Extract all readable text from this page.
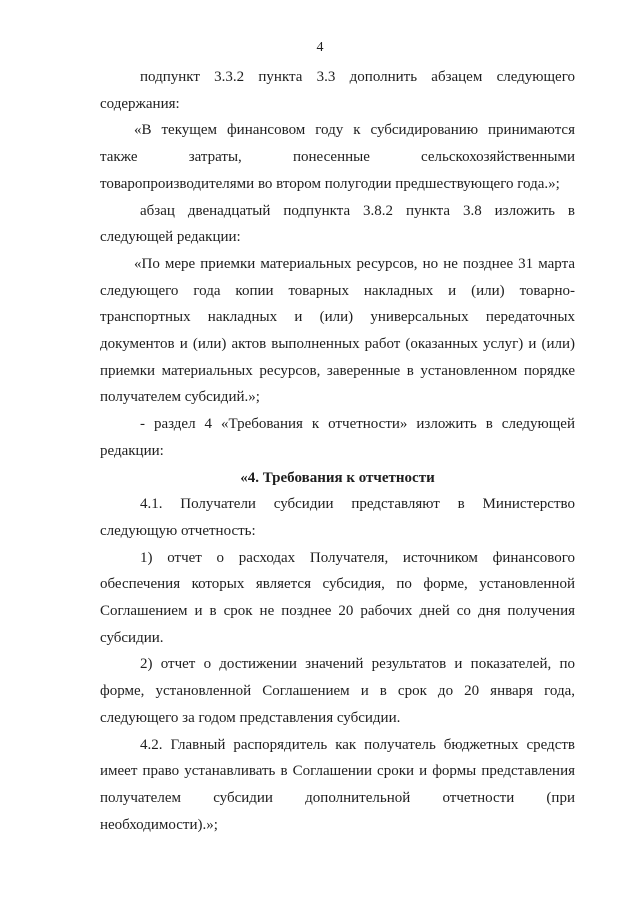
4

подпункт 3.3.2 пункта 3.3 дополнить абзацем следующего содержания:

«В текущем финансовом году к субсидированию принимаются также затраты, понесенные сельскохозяйственными товаропроизводителями во втором полугодии предшествующего года.»;

абзац двенадцатый подпункта 3.8.2 пункта 3.8 изложить в следующей редакции:

«По мере приемки материальных ресурсов, но не позднее 31 марта следующего года копии товарных накладных и (или) товарно-транспортных накладных и (или) универсальных передаточных документов и (или) актов выполненных работ (оказанных услуг) и (или) приемки материальных ресурсов, заверенные в установленном порядке получателем субсидий.»;

- раздел 4 «Требования к отчетности» изложить в следующей редакции:

«4. Требования к отчетности

4.1. Получатели субсидии представляют в Министерство следующую отчетность:

1) отчет о расходах Получателя, источником финансового обеспечения которых является субсидия, по форме, установленной Соглашением и в срок не позднее 20 рабочих дней со дня получения субсидии.

2) отчет о достижении значений результатов и показателей, по форме, установленной Соглашением и в срок до 20 января года, следующего за годом представления субсидии.

4.2. Главный распорядитель как получатель бюджетных средств имеет право устанавливать в Соглашении сроки и формы представления получателем субсидии дополнительной отчетности (при необходимости).»;
